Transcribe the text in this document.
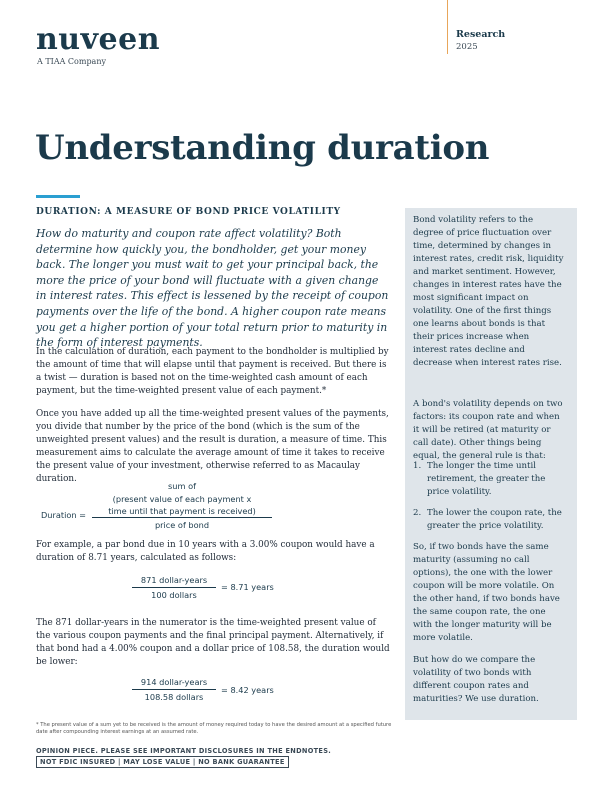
nuveen
A TIAA Company
Research
2025
Understanding duration
DURATION: A MEASURE OF BOND PRICE VOLATILITY

How do maturity and coupon rate affect volatility? Both determine how quickly you, the bondholder, get your money back. The longer you must wait to get your principal back, the more the price of your bond will fluctuate with a given change in interest rates. This effect is lessened by the receipt of coupon payments over the life of the bond. A higher coupon rate means you get a higher portion of your total return prior to maturity in the form of interest payments.

In the calculation of duration, each payment to the bondholder is multiplied by the amount of time that will elapse until that payment is received. But there is a twist — duration is based not on the time-weighted cash amount of each payment, but the time-weighted present value of each payment.*

Once you have added up all the time-weighted present values of the payments, you divide that number by the price of the bond (which is the sum of the unweighted present values) and the result is duration, a measure of time. This measurement aims to calculate the average amount of time it takes to receive the present value of your investment, otherwise referred to as Macaulay duration.

Duration =
sum of
(present value of each payment x
time until that payment is received)
price of bond

For example, a par bond due in 10 years with a 3.00% coupon would have a duration of 8.71 years, calculated as follows:

871 dollar-years
100 dollars
= 8.71 years

The 871 dollar-years in the numerator is the time-weighted present value of the various coupon payments and the final principal payment. Alternatively, if that bond had a 4.00% coupon and a dollar price of 108.58, the duration would be lower:

914 dollar-years
108.58 dollars
= 8.42 years

* The present value of a sum yet to be received is the amount of money required today to have the desired amount at a specified future date after compounding interest earnings at an assumed rate.

OPINION PIECE. PLEASE SEE IMPORTANT DISCLOSURES IN THE ENDNOTES.
NOT FDIC INSURED | MAY LOSE VALUE | NO BANK GUARANTEE

Bond volatility refers to the degree of price fluctuation over time, determined by changes in interest rates, credit risk, liquidity and market sentiment. However, changes in interest rates have the most significant impact on volatility. One of the first things one learns about bonds is that their prices increase when interest rates decline and decrease when interest rates rise.

A bond's volatility depends on two factors: its coupon rate and when it will be retired (at maturity or call date). Other things being equal, the general rule is that:

1. The longer the time until retirement, the greater the price volatility.
2. The lower the coupon rate, the greater the price volatility.

So, if two bonds have the same maturity (assuming no call options), the one with the lower coupon will be more volatile. On the other hand, if two bonds have the same coupon rate, the one with the longer maturity will be more volatile.

But how do we compare the volatility of two bonds with different coupon rates and maturities? We use duration.
